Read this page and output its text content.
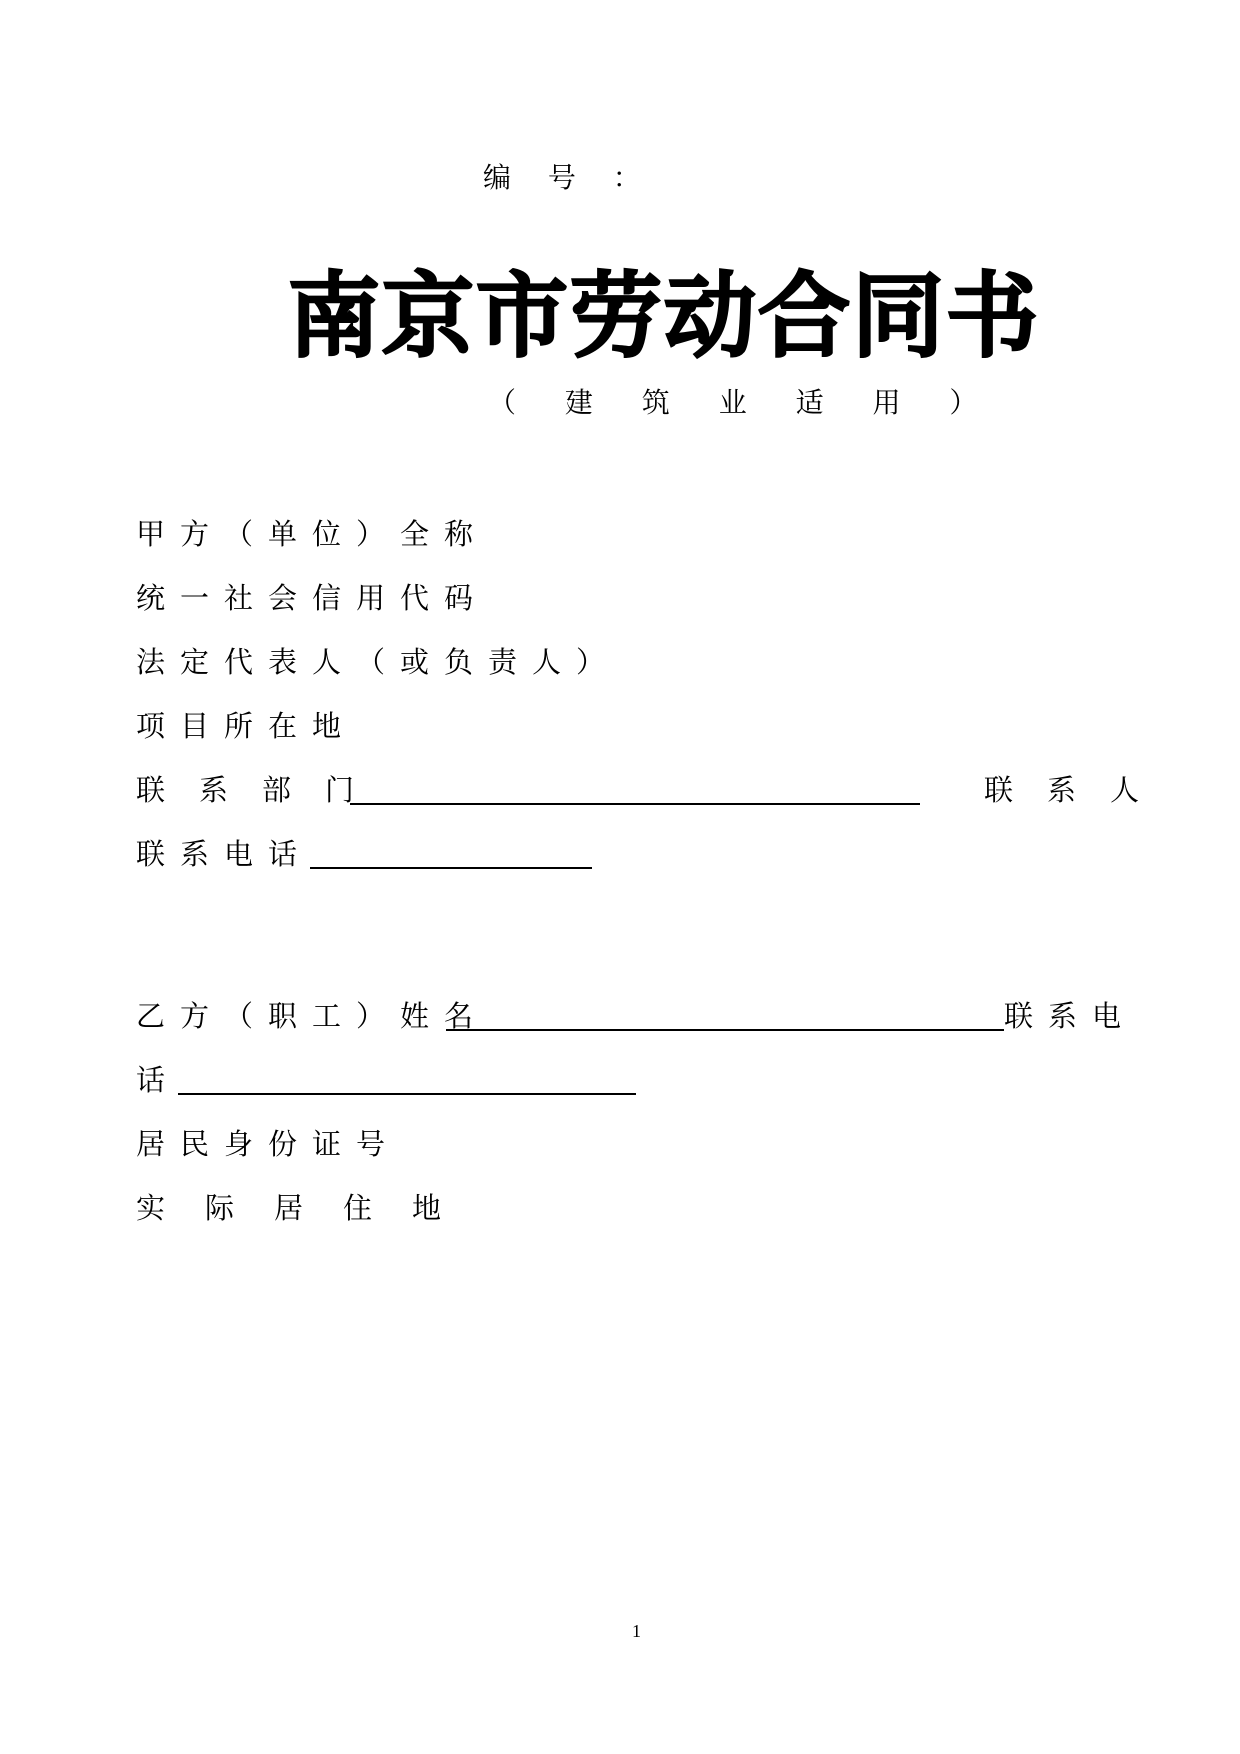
编 号 ：
南京市劳动合同书
（ 建 筑 业 适 用 ）
甲方（单位）全称
统一社会信用代码
法定代表人（或负责人）
项目所在地
联系部门	联系人
联系电话
乙方（职工）姓名	联系电
话
居民身份证号
实际居住地
1
